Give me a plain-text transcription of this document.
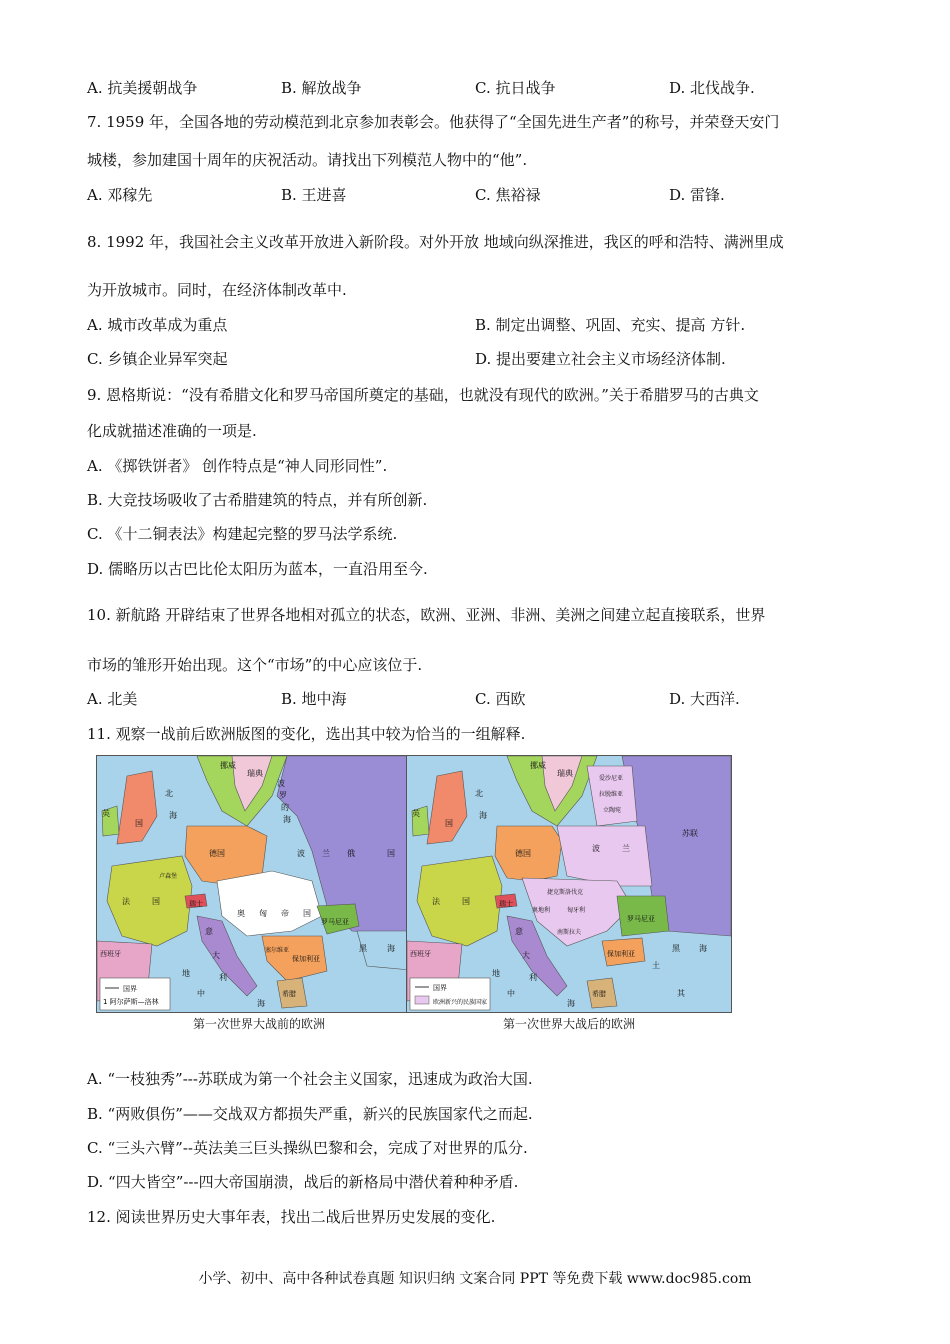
A. 抗美援朝战争	B. 解放战争	C. 抗日战争	D. 北伐战争.
7. 1959 年，全国各地的劳动模范到北京参加表彰会。他获得了“全国先进生产者”的称号，并荣登天安门
城楼，参加建国十周年的庆祝活动。请找出下列模范人物中的“他”.
A. 邓稼先	B. 王进喜	C. 焦裕禄	D. 雷锋.
8. 1992 年，我国社会主义改革开放进入新阶段。对外开放 地域向纵深推进，我区的呼和浩特、满洲里成
为开放城市。同时，在经济体制改革中.
A. 城市改革成为重点	B. 制定出调整、巩固、充实、提高 方针.
C. 乡镇企业异军突起	D. 提出要建立社会主义市场经济体制.
9. 恩格斯说：“没有希腊文化和罗马帝国所奠定的基础，也就没有现代的欧洲。”关于希腊罗马的古典文
化成就描述准确的一项是.
A. 《掷铁饼者》 创作特点是“神人同形同性”.
B. 大竞技场吸收了古希腊建筑的特点，并有所创新.
C. 《十二铜表法》构建起完整的罗马法学系统.
D. 儒略历以古巴比伦太阳历为蓝本，一直沿用至今.
10. 新航路 开辟结束了世界各地相对孤立的状态，欧洲、亚洲、非洲、美洲之间建立起直接联系，世界
市场的雏形开始出现。这个“市场”的中心应该位于.
A. 北美	B. 地中海	C. 西欧	D. 大西洋.
11. 观察一战前后欧洲版图的变化，选出其中较为恰当的一组解释.
国界
1 阿尔萨斯—洛林
挪威
瑞典
北
海
波
罗
的
海
英
国
德国	俄	国
波 兰
卢森堡
法	国	瑞士
奥 匈 帝 国
罗马尼亚
意
大
利
塞尔维亚
保加利亚
黑	海
地
中
海
西班牙
希腊
第一次世界大战前的欧洲
国界
欧洲新兴的民族国家
挪威
瑞典
北
海
爱沙尼亚
拉脱维亚
立陶宛
英
国
德国
波	兰
苏联
捷克斯洛伐克
法	国	瑞士
奥地利	匈牙利
罗马尼亚
南斯拉夫
意
大
利
保加利亚
土
其
地
中
海
西班牙
希腊
黑 海
第一次世界大战后的欧洲
A. “一枝独秀”---苏联成为第一个社会主义国家，迅速成为政治大国.
B. “两败俱伤”——交战双方都损失严重，新兴的民族国家代之而起.
C. “三头六臂”--英法美三巨头操纵巴黎和会，完成了对世界的瓜分.
D. “四大皆空”---四大帝国崩溃，战后的新格局中潜伏着种种矛盾.
12. 阅读世界历史大事年表，找出二战后世界历史发展的变化.
小学、初中、高中各种试卷真题 知识归纳 文案合同 PPT 等免费下载 www.doc985.com
